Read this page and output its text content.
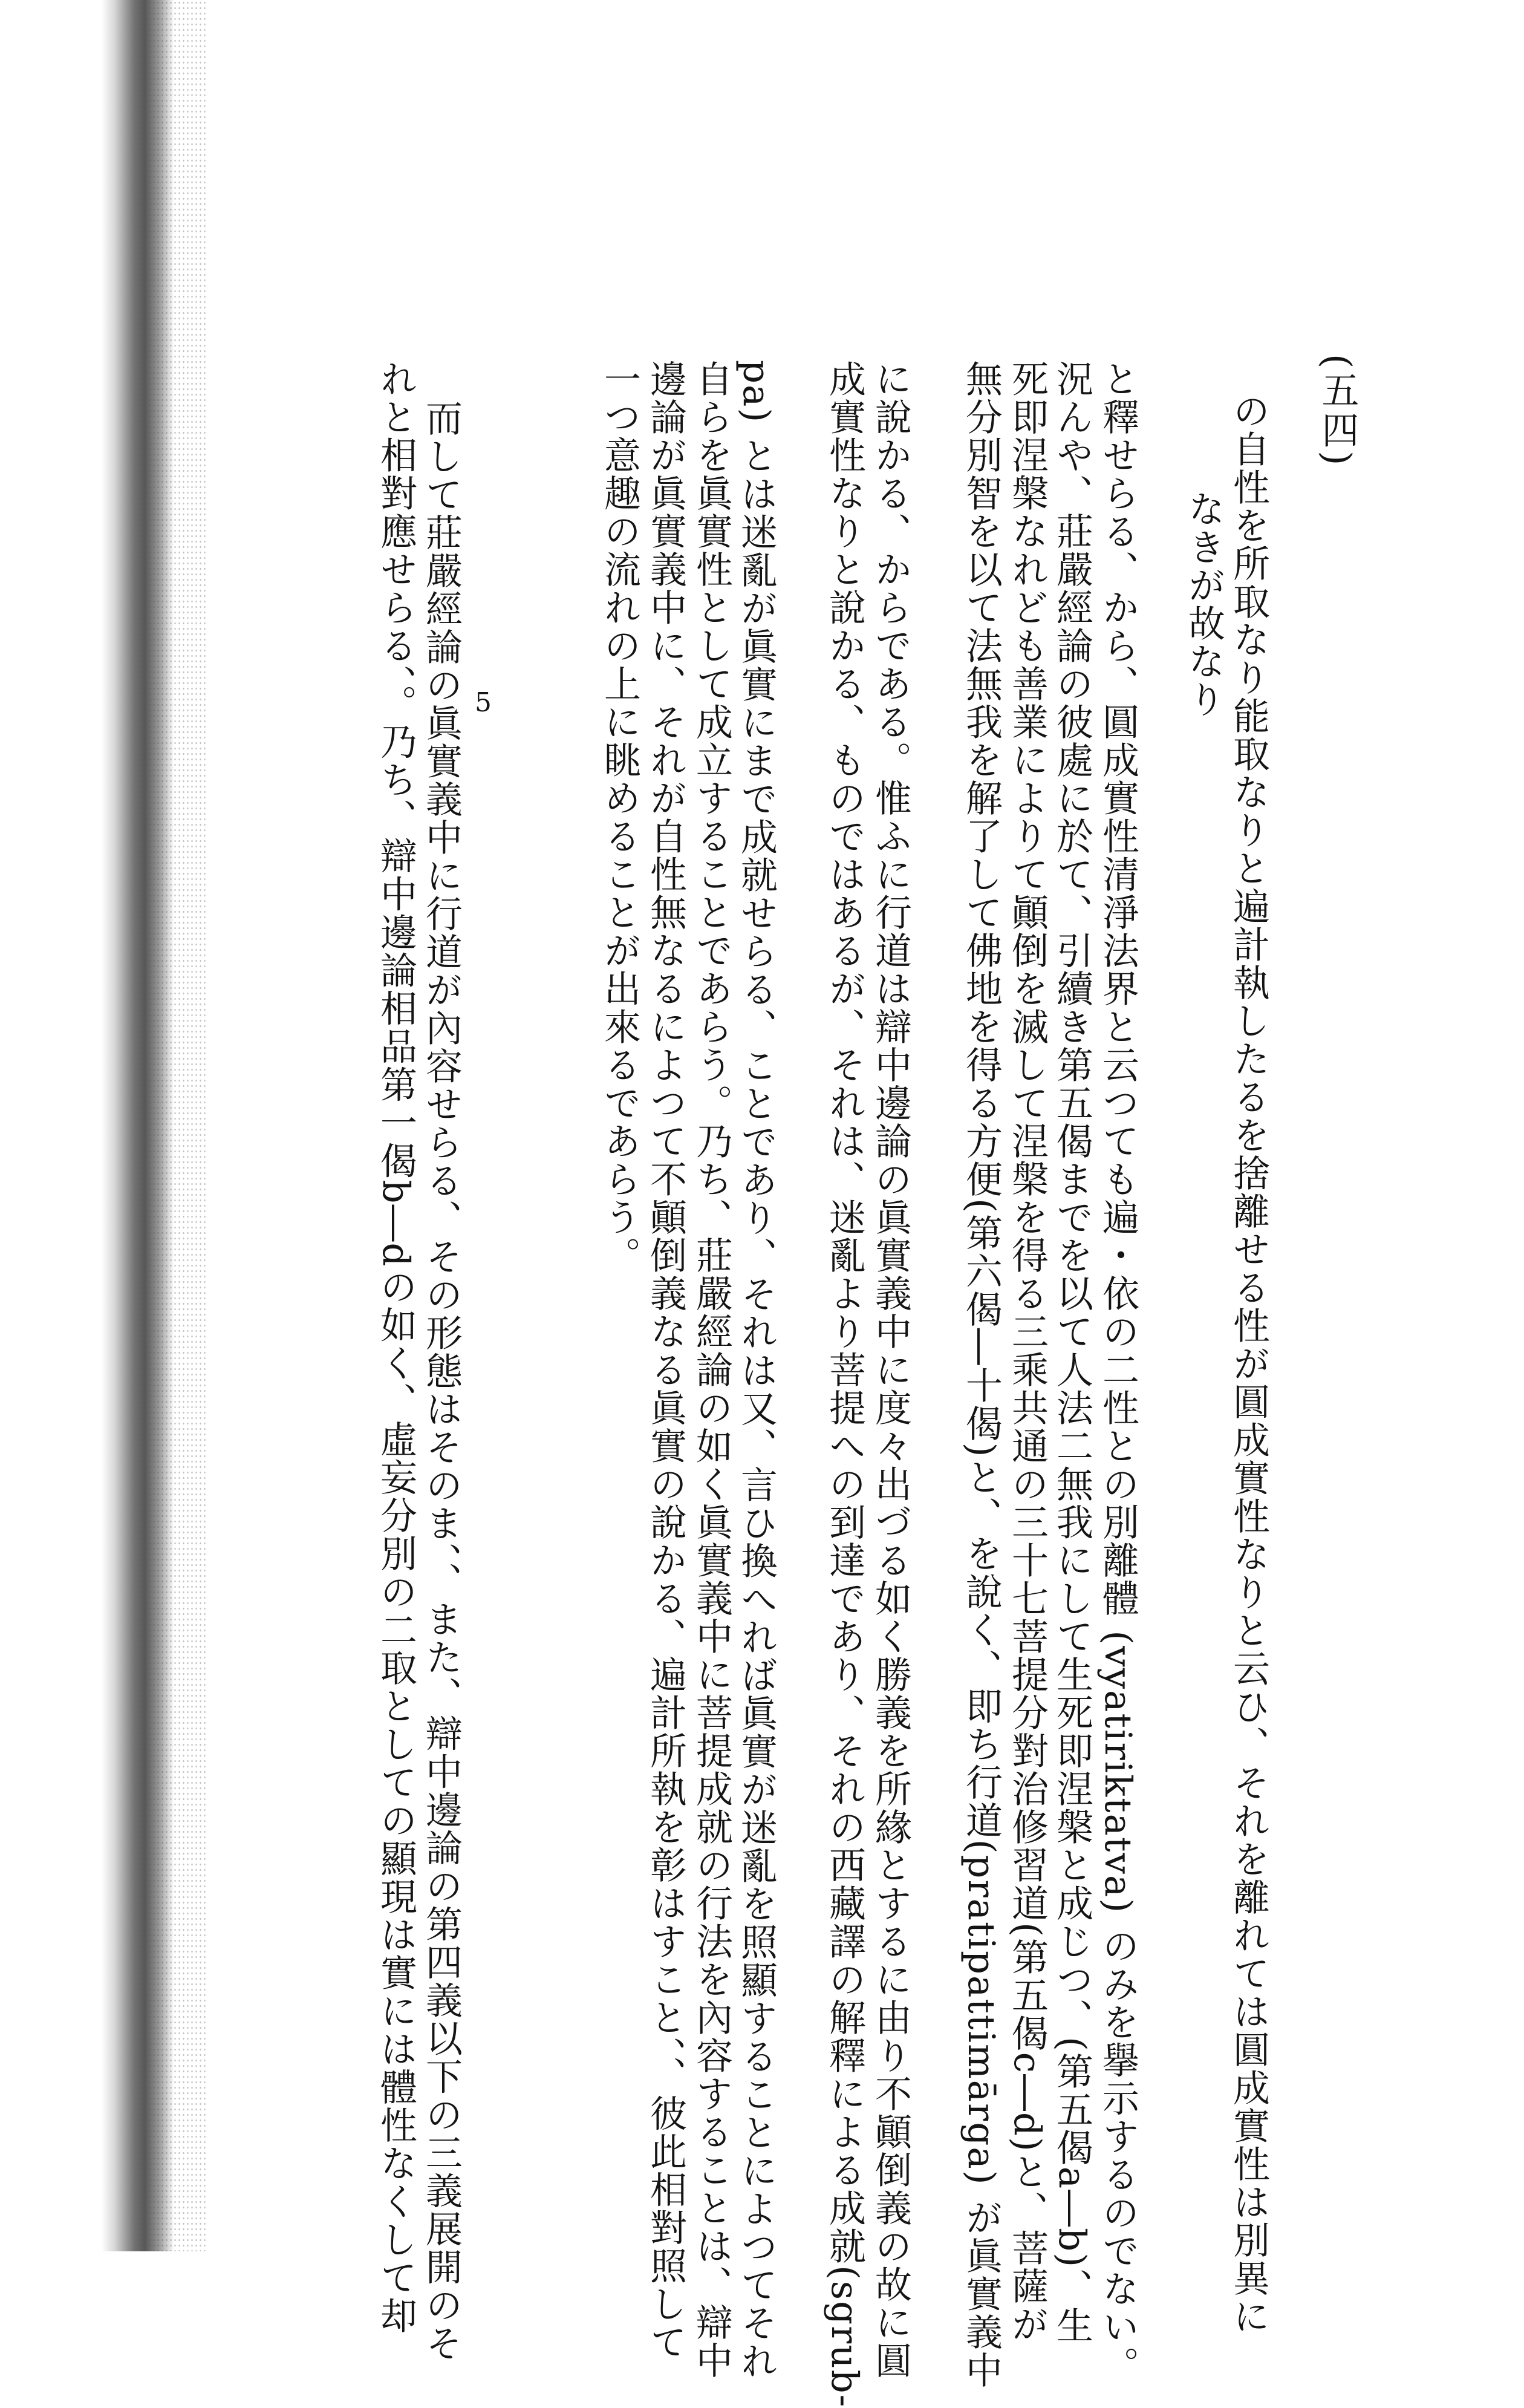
(五四)
の自性を所取なり能取なりと遍計執したるを捨離せる性が圓成實性なりと云ひ、それを離れては圓成實性は別異に
なきが故なり
と釋せらる、から、圓成實性清淨法界と云つても遍・依の二性との別離體 (vyatiriktatva) のみを擧示するのでない。
況んや、莊嚴經論の彼處に於て、引續き第五偈までを以て人法二無我にして生死即涅槃と成じつ、(第五偈a―b)、生
死即涅槃なれども善業によりて顚倒を滅して涅槃を得る三乘共通の三十七菩提分對治修習道(第五偈c―d)と、菩薩が
無分別智を以て法無我を解了して佛地を得る方便(第六偈―十偈)と、を說く、即ち行道(pratipattimārga) が眞實義中
に說かる、からである。惟ふに行道は辯中邊論の眞實義中に度々出づる如く勝義を所緣とするに由り不顚倒義の故に圓
成實性なりと說かる、ものではあるが、それは、迷亂より菩提への到達であり、それの西藏譯の解釋による成就(sgrub-
pa) とは迷亂が眞實にまで成就せらる、ことであり、それは又、言ひ換へれば眞實が迷亂を照顯することによつてそれ
自らを眞實性として成立することであらう。乃ち、莊嚴經論の如く眞實義中に菩提成就の行法を內容することは、辯中
邊論が眞實義中に、それが自性無なるによつて不顚倒義なる眞實の說かる、遍計所執を彰はすこと、、彼此相對照して
一つ意趣の流れの上に眺めることが出來るであらう。
5
而して莊嚴經論の眞實義中に行道が內容せらる、その形態はそのま、、また、辯中邊論の第四義以下の三義展開のそ
れと相對應せらる、。乃ち、辯中邊論相品第一偈b―dの如く、虛妄分別の二取としての顯現は實には體性なくして却
